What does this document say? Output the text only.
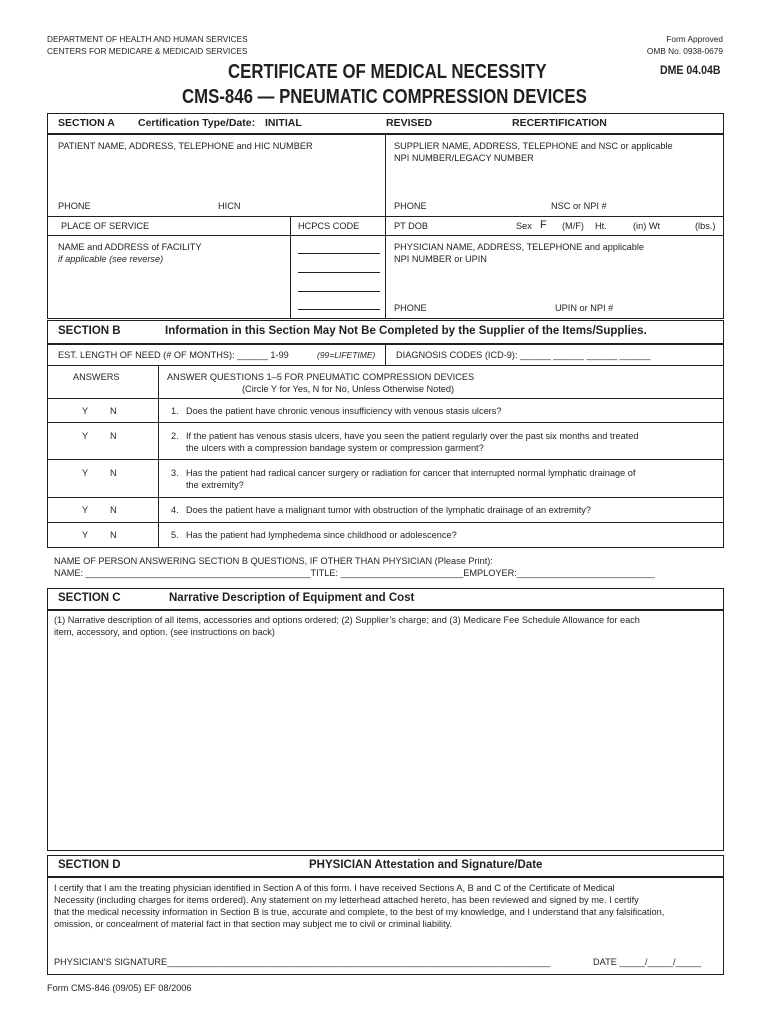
DEPARTMENT OF HEALTH AND HUMAN SERVICES
CENTERS FOR MEDICARE & MEDICAID SERVICES
Form Approved
OMB No. 0938-0679
CERTIFICATE OF MEDICAL NECESSITY
CMS-846 — PNEUMATIC COMPRESSION DEVICES
DME 04.04B
SECTION A Certification Type/Date: INITIAL	REVISED	RECERTIFICATION
PATIENT NAME, ADDRESS, TELEPHONE and HIC NUMBER	SUPPLIER NAME, ADDRESS, TELEPHONE and NSC or applicable
NPI NUMBER/LEGACY NUMBER
PHONE	HICN	PHONE	NSC or NPI #
PLACE OF SERVICE	HCPCS CODE	PT DOB	Sex F (M/F) Ht.	(in) Wt	(lbs.)
NAME and ADDRESS of FACILITY
if applicable (see reverse)
PHYSICIAN NAME, ADDRESS, TELEPHONE and applicable
NPI NUMBER or UPIN
PHONE	UPIN or NPI #
SECTION B	Information in this Section May Not Be Completed by the Supplier of the Items/Supplies.
EST. LENGTH OF NEED (# OF MONTHS): ______ 1-99	(99=LIFETIME) DIAGNOSIS CODES (ICD-9): ______ ______ ______ ______
ANSWERS	ANSWER QUESTIONS 1–5 FOR PNEUMATIC COMPRESSION DEVICES
(Circle Y for Yes, N for No, Unless Otherwise Noted)
Y N	1. Does the patient have chronic venous insufficiency with venous stasis ulcers?
Y N	2. If the patient has venous stasis ulcers, have you seen the patient regularly over the past six months and treated
the ulcers with a compression bandage system or compression garment?
Y N	3. Has the patient had radical cancer surgery or radiation for cancer that interrupted normal lymphatic drainage of
the extremity?
Y N	4. Does the patient have a malignant tumor with obstruction of the lymphatic drainage of an extremity?
Y N	5. Has the patient had lymphedema since childhood or adolescence?
NAME OF PERSON ANSWERING SECTION B QUESTIONS, IF OTHER THAN PHYSICIAN (Please Print):
NAME: ____________________________________________TITLE: ________________________EMPLOYER:___________________________
SECTION C	Narrative Description of Equipment and Cost
(1) Narrative description of all items, accessories and options ordered; (2) Supplier’s charge; and (3) Medicare Fee Schedule Allowance for each
item, accessory, and option. (see instructions on back)
SECTION D	PHYSICIAN Attestation and Signature/Date
I certify that I am the treating physician identified in Section A of this form. I have received Sections A, B and C of the Certificate of Medical
Necessity (including charges for items ordered). Any statement on my letterhead attached hereto, has been reviewed and signed by me. I certify
that the medical necessity information in Section B is true, accurate and complete, to the best of my knowledge, and I understand that any falsification,
omission, or concealment of material fact in that section may subject me to civil or criminal liability.
PHYSICIAN’S SIGNATURE___________________________________________________________________________	DATE _____/_____/_____
Form CMS-846 (09/05) EF 08/2006
